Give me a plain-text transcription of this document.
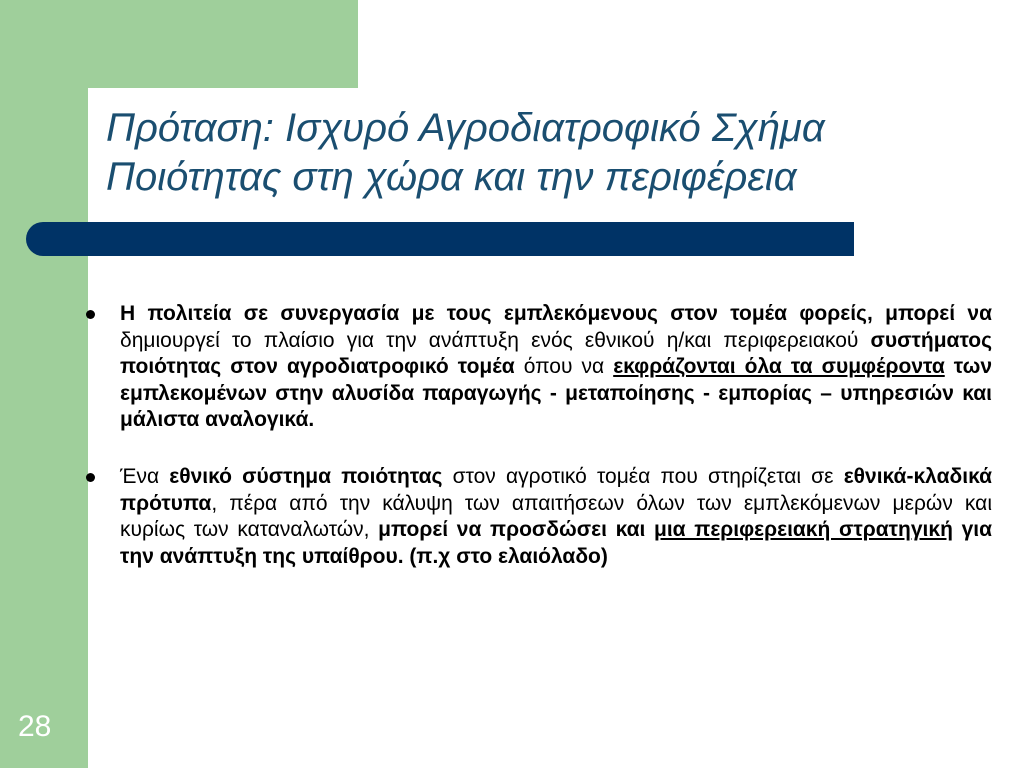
Πρόταση: Ισχυρό Αγροδιατροφικό Σχήμα
Ποιότητας στη χώρα και την περιφέρεια
Η πολιτεία σε συνεργασία με τους εμπλεκόμενους στον τομέα φορείς, μπορεί να δημιουργεί το πλαίσιο για την ανάπτυξη ενός εθνικού η/και περιφερειακού συστήματος ποιότητας στον αγροδιατροφικό τομέα όπου να εκφράζονται όλα τα συμφέροντα των εμπλεκομένων στην αλυσίδα παραγωγής - μεταποίησης - εμπορίας – υπηρεσιών και μάλιστα αναλογικά.
Ένα εθνικό σύστημα ποιότητας στον αγροτικό τομέα που στηρίζεται σε εθνικά-κλαδικά πρότυπα, πέρα από την κάλυψη των απαιτήσεων όλων των εμπλεκόμενων μερών και κυρίως των καταναλωτών, μπορεί να προσδώσει και μια περιφερειακή στρατηγική για την ανάπτυξη της υπαίθρου. (π.χ στο ελαιόλαδο)
28
